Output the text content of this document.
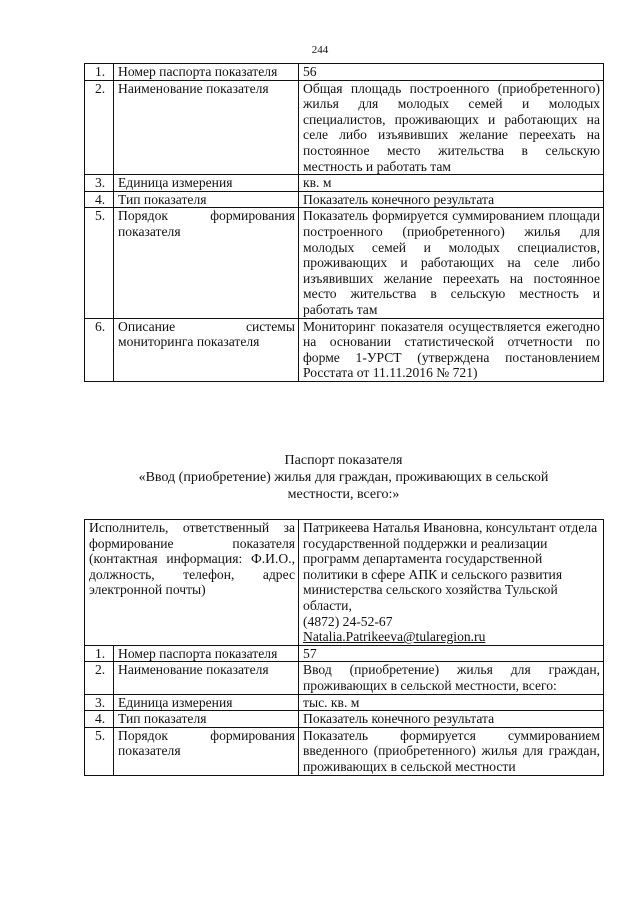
244
1.	Номер паспорта показателя	56
2.	Наименование показателя	Общая площадь построенного (приобретенного) жилья для молодых семей и молодых специалистов, проживающих и работающих на селе либо изъявивших желание переехать на постоянное место жительства в сельскую местность и работать там
3.	Единица измерения	кв. м
4.	Тип показателя	Показатель конечного результата
5.	Порядок формирования показателя	Показатель формируется суммированием площади построенного (приобретенного) жилья для молодых семей и молодых специалистов, проживающих и работающих на селе либо изъявивших желание переехать на постоянное место жительства в сельскую местность и работать там
6.	Описание системы мониторинга показателя	Мониторинг показателя осуществляется ежегодно на основании статистической отчетности по форме 1-УРСТ (утверждена постановлением Росстата от 11.11.2016 № 721)
Паспорт показателя
«Ввод (приобретение) жилья для граждан, проживающих в сельской
местности, всего:»
Исполнитель, ответственный за формирование показателя (контактная информация: Ф.И.О., должность, телефон, адрес электронной почты)		Патрикеева Наталья Ивановна, консультант отдела государственной поддержки и реализации программ департамента государственной политики в сфере АПК и сельского развития министерства сельского хозяйства Тульской области,
(4872) 24-52-67
Natalia.Patrikeeva@tularegion.ru

1.	Номер паспорта показателя	57
2.	Наименование показателя	Ввод (приобретение) жилья для граждан, проживающих в сельской местности, всего:
3.	Единица измерения	тыс. кв. м
4.	Тип показателя	Показатель конечного результата
5.	Порядок формирования показателя	Показатель формируется суммированием введенного (приобретенного) жилья для граждан, проживающих в сельской местности
